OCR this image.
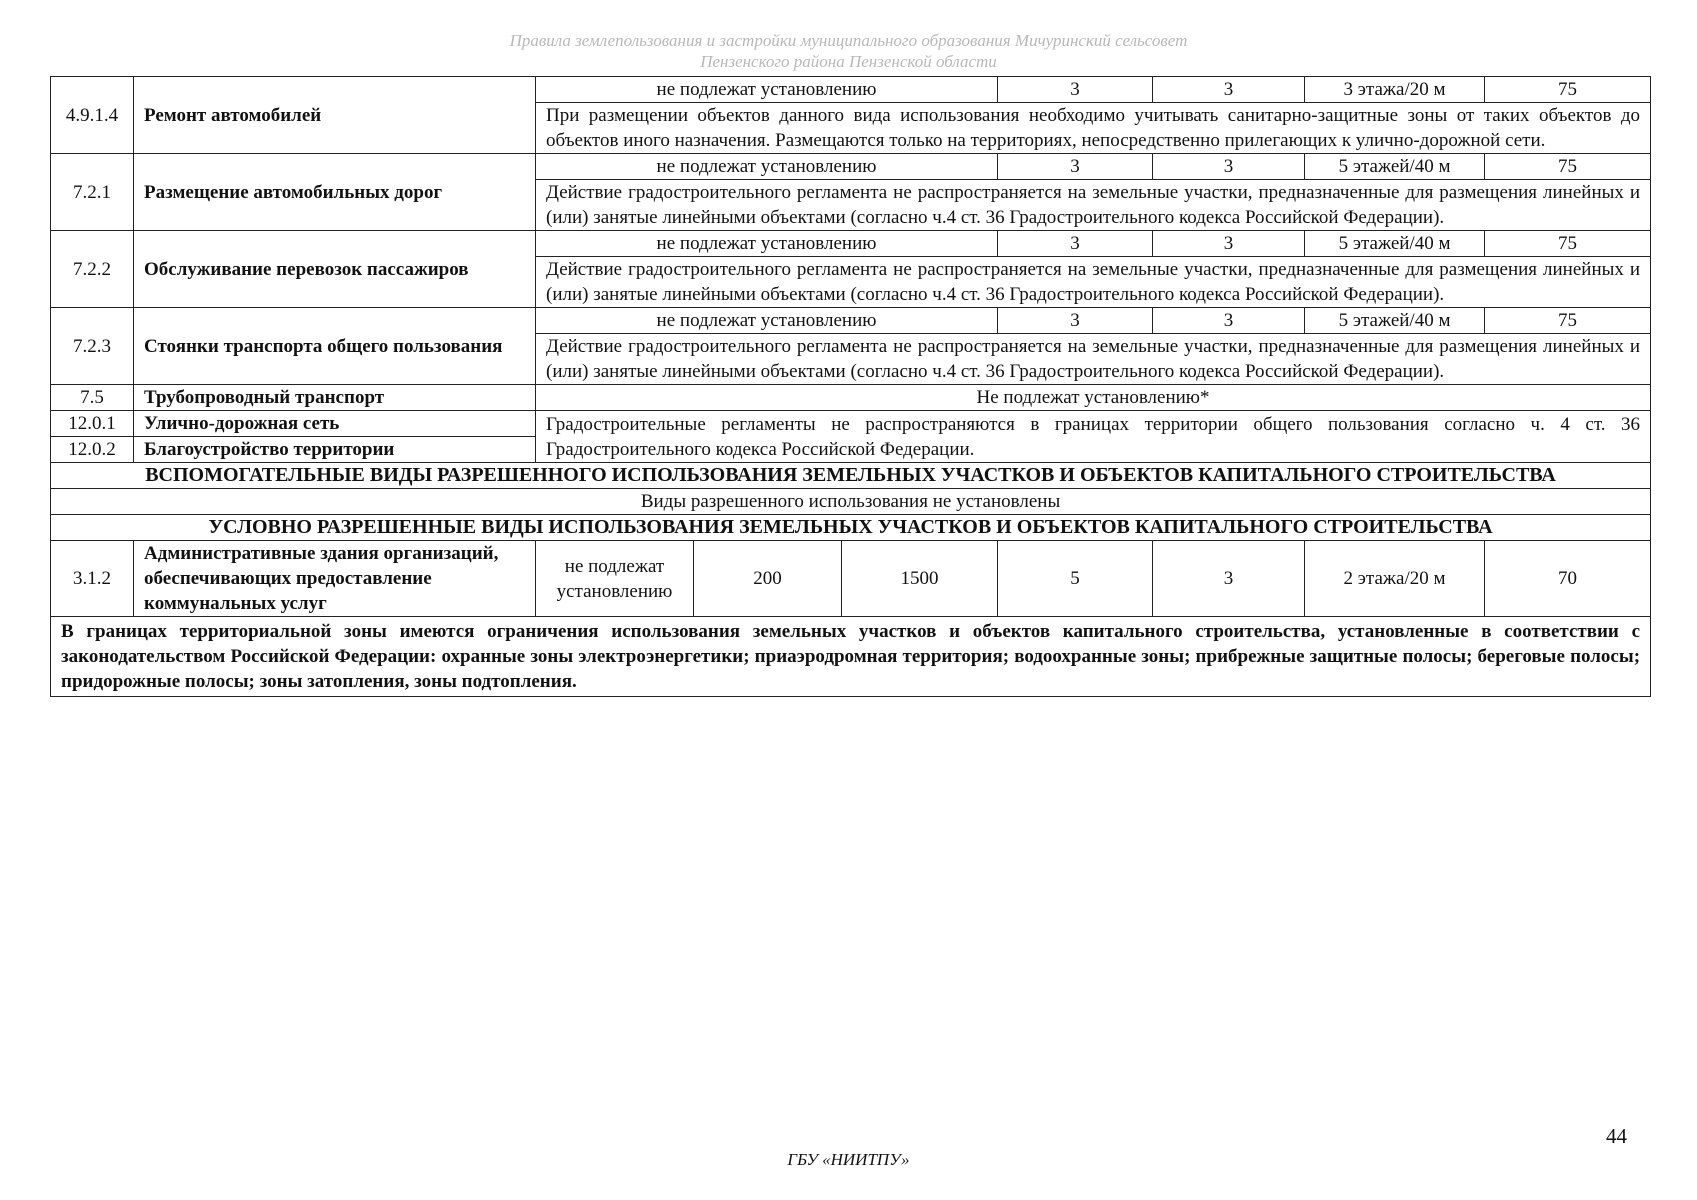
Правила землепользования и застройки муниципального образования Мичуринский сельсовет
Пензенского района Пензенской области
4.9.1.4	Ремонт автомобилей	не подлежат установлению			3	3	3 этажа/20 м	75
		При размещении объектов данного вида использования необходимо учитывать санитарно-защитные зоны от таких объектов до объектов иного назначения. Размещаются только на территориях, непосредственно прилегающих к улично-дорожной сети.						
7.2.1	Размещение автомобильных дорог	не подлежат установлению			3	3	5 этажей/40 м	75
		Действие градостроительного регламента не распространяется на земельные участки, предназначенные для размещения линейных и (или) занятые линейными объектами (согласно ч.4 ст. 36 Градостроительного кодекса Российской Федерации).						
7.2.2	Обслуживание перевозок пассажиров	не подлежат установлению			3	3	5 этажей/40 м	75
		Действие градостроительного регламента не распространяется на земельные участки, предназначенные для размещения линейных и (или) занятые линейными объектами (согласно ч.4 ст. 36 Градостроительного кодекса Российской Федерации).						
7.2.3	Стоянки транспорта общего пользования	не подлежат установлению			3	3	5 этажей/40 м	75
		Действие градостроительного регламента не распространяется на земельные участки, предназначенные для размещения линейных и (или) занятые линейными объектами (согласно ч.4 ст. 36 Градостроительного кодекса Российской Федерации).						
7.5	Трубопроводный транспорт	Не подлежат установлению*						
12.0.1	Улично-дорожная сеть	Градостроительные регламенты не распространяются в границах территории общего пользования согласно ч. 4 ст. 36 Градостроительного кодекса Российской Федерации.						
12.0.2	Благоустройство территории							
ВСПОМОГАТЕЛЬНЫЕ ВИДЫ РАЗРЕШЕННОГО ИСПОЛЬЗОВАНИЯ ЗЕМЕЛЬНЫХ УЧАСТКОВ И ОБЪЕКТОВ КАПИТАЛЬНОГО СТРОИТЕЛЬСТВА								
Виды разрешенного использования не установлены								
УСЛОВНО РАЗРЕШЕННЫЕ ВИДЫ ИСПОЛЬЗОВАНИЯ ЗЕМЕЛЬНЫХ УЧАСТКОВ И ОБЪЕКТОВ КАПИТАЛЬНОГО СТРОИТЕЛЬСТВА								
3.1.2	Административные здания организаций, обеспечивающих предоставление коммунальных услуг	не подлежат установлению	200	1500	5	3	2 этажа/20 м	70
В границах территориальной зоны имеются ограничения использования земельных участков и объектов капитального строительства, установленные в соответствии с законодательством Российской Федерации: охранные зоны электроэнергетики; приаэродромная территория; водоохранные зоны; прибрежные защитные полосы; береговые полосы; придорожные полосы; зоны затопления, зоны подтопления.								
44
ГБУ «НИИТПУ»
